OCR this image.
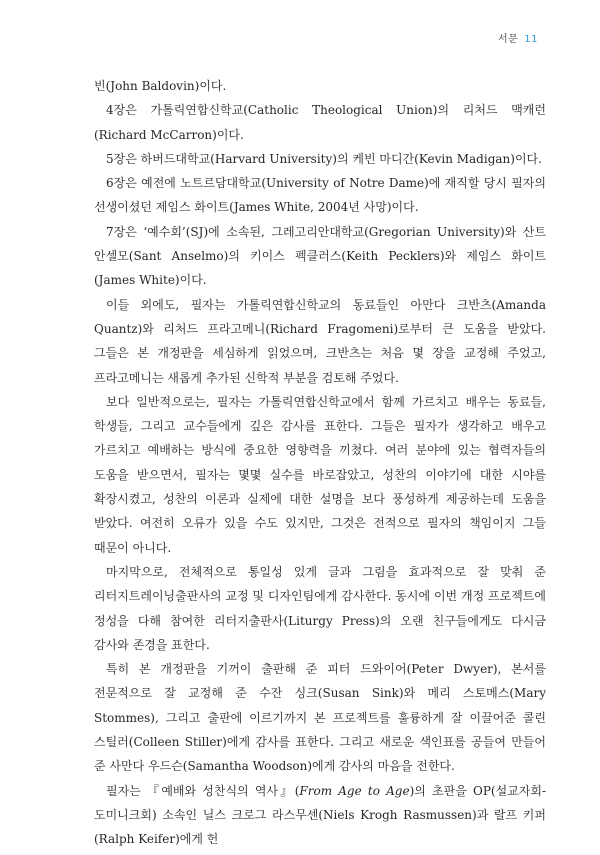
서문 11

빈(John Baldovin)이다.

4장은 가톨릭연합신학교(Catholic Theological Union)의 리처드 맥캐런(Richard McCarron)이다.

5장은 하버드대학교(Harvard University)의 케빈 마디간(Kevin Madigan)이다.

6장은 예전에 노트르담대학교(University of Notre Dame)에 재직할 당시 필자의 선생이셨던 제임스 화이트(James White, 2004년 사망)이다.

7장은 ‘예수회’(SJ)에 소속된, 그레고리안대학교(Gregorian University)와 산트 안셀모(Sant Anselmo)의 키이스 펙클러스(Keith Pecklers)와 제임스 화이트(James White)이다.

이들 외에도, 필자는 가톨릭연합신학교의 동료들인 아만다 크반츠(Amanda Quantz)와 리처드 프라고메니(Richard Fragomeni)로부터 큰 도움을 받았다. 그들은 본 개정판을 세심하게 읽었으며, 크반츠는 처음 몇 장을 교정해 주었고, 프라고메니는 새롭게 추가된 신학적 부분을 검토해 주었다.

보다 일반적으로는, 필자는 가톨릭연합신학교에서 함께 가르치고 배우는 동료들, 학생들, 그리고 교수들에게 깊은 감사를 표한다. 그들은 필자가 생각하고 배우고 가르치고 예배하는 방식에 중요한 영향력을 끼쳤다. 여러 분야에 있는 협력자들의 도움을 받으면서, 필자는 몇몇 실수를 바로잡았고, 성찬의 이야기에 대한 시야를 확장시켰고, 성찬의 이론과 실제에 대한 설명을 보다 풍성하게 제공하는데 도움을 받았다. 여전히 오류가 있을 수도 있지만, 그것은 전적으로 필자의 책임이지 그들 때문이 아니다.

마지막으로, 전체적으로 통일성 있게 글과 그림을 효과적으로 잘 맞춰 준 리터지트레이닝출판사의 교정 및 디자인팀에게 감사한다. 동시에 이번 개정 프로젝트에 정성을 다해 참여한 리터지출판사(Liturgy Press)의 오랜 친구들에게도 다시금 감사와 존경을 표한다.

특히 본 개정판을 기꺼이 출판해 준 피터 드와이어(Peter Dwyer), 본서를 전문적으로 잘 교정해 준 수잔 싱크(Susan Sink)와 메리 스토메스(Mary Stommes), 그리고 출판에 이르기까지 본 프로젝트를 훌륭하게 잘 이끌어준 콜린 스틸러(Colleen Stiller)에게 감사를 표한다. 그리고 새로운 색인표를 공들여 만들어 준 사만다 우드슨(Samantha Woodson)에게 감사의 마음을 전한다.

필자는 『예배와 성찬식의 역사』(From Age to Age)의 초판을 OP(설교자회-도미니크회) 소속인 닐스 크로그 라스무센(Niels Krogh Rasmussen)과 랄프 키퍼(Ralph Keifer)에게 헌
